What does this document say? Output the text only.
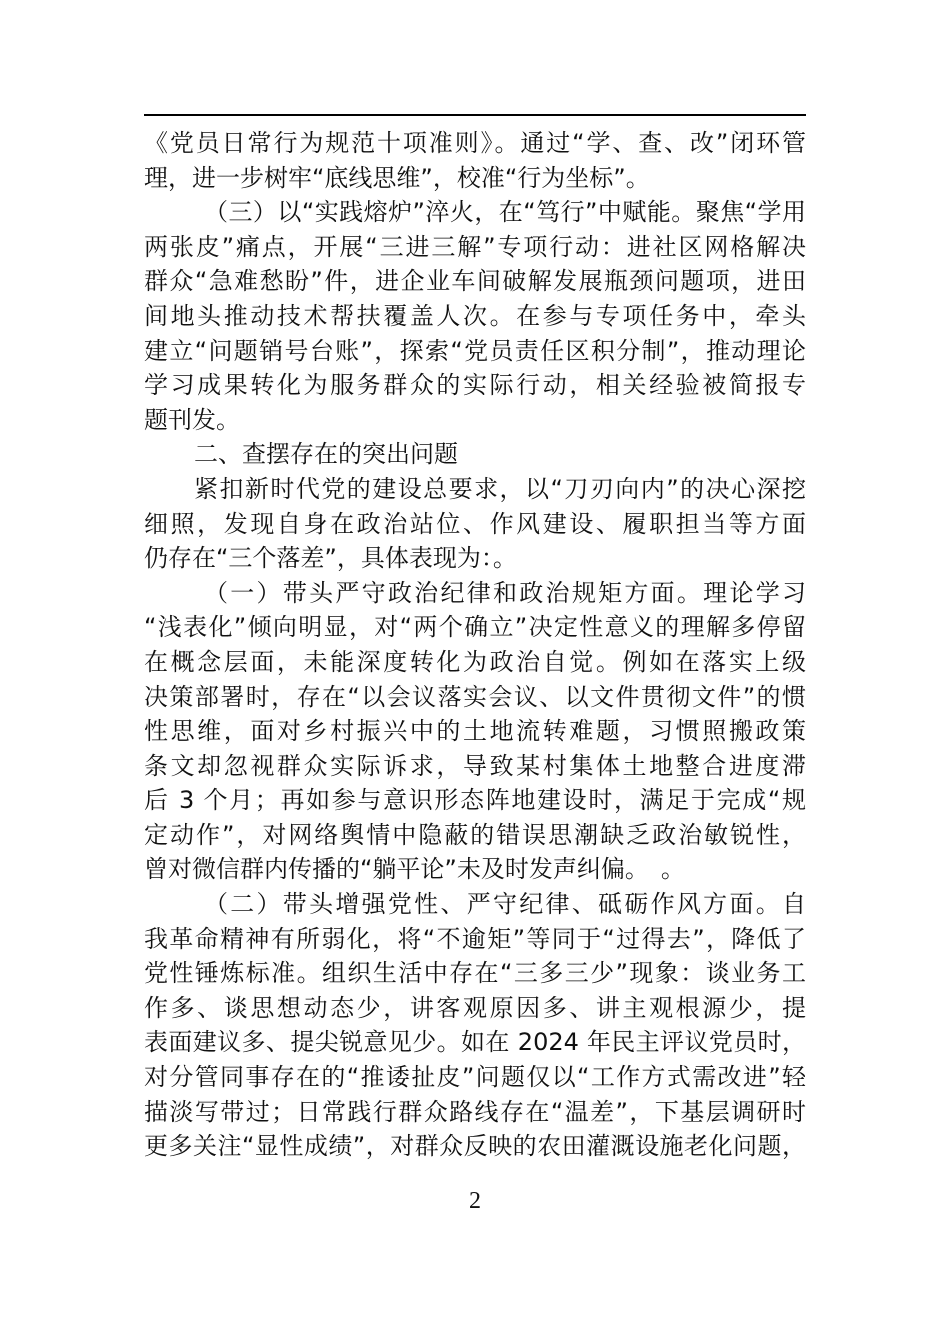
《党员日常行为规范十项准则》。通过“学、查、改”闭环管
理，进一步树牢“底线思维”，校准“行为坐标”。
（三）以“实践熔炉”淬火，在“笃行”中赋能。聚焦“学用
两张皮”痛点，开展“三进三解”专项行动：进社区网格解决
群众“急难愁盼”件，进企业车间破解发展瓶颈问题项，进田
间地头推动技术帮扶覆盖人次。在参与专项任务中，牵头
建立“问题销号台账”，探索“党员责任区积分制”，推动理论
学习成果转化为服务群众的实际行动，相关经验被简报专
题刊发。
二、查摆存在的突出问题
紧扣新时代党的建设总要求，以“刀刃向内”的决心深挖
细照，发现自身在政治站位、作风建设、履职担当等方面
仍存在“三个落差”，具体表现为：。
（一）带头严守政治纪律和政治规矩方面。理论学习
“浅表化”倾向明显，对“两个确立”决定性意义的理解多停留
在概念层面，未能深度转化为政治自觉。例如在落实上级
决策部署时，存在“以会议落实会议、以文件贯彻文件”的惯
性思维，面对乡村振兴中的土地流转难题，习惯照搬政策
条文却忽视群众实际诉求，导致某村集体土地整合进度滞
后 3 个月；再如参与意识形态阵地建设时，满足于完成“规
定动作”，对网络舆情中隐蔽的错误思潮缺乏政治敏锐性，
曾对微信群内传播的“躺平论”未及时发声纠偏。　。
（二）带头增强党性、严守纪律、砥砺作风方面。自
我革命精神有所弱化，将“不逾矩”等同于“过得去”，降低了
党性锤炼标准。组织生活中存在“三多三少”现象：谈业务工
作多、谈思想动态少，讲客观原因多、讲主观根源少，提
表面建议多、提尖锐意见少。如在 2024 年民主评议党员时，
对分管同事存在的“推诿扯皮”问题仅以“工作方式需改进”轻
描淡写带过；日常践行群众路线存在“温差”，下基层调研时
更多关注“显性成绩”，对群众反映的农田灌溉设施老化问题，
2
